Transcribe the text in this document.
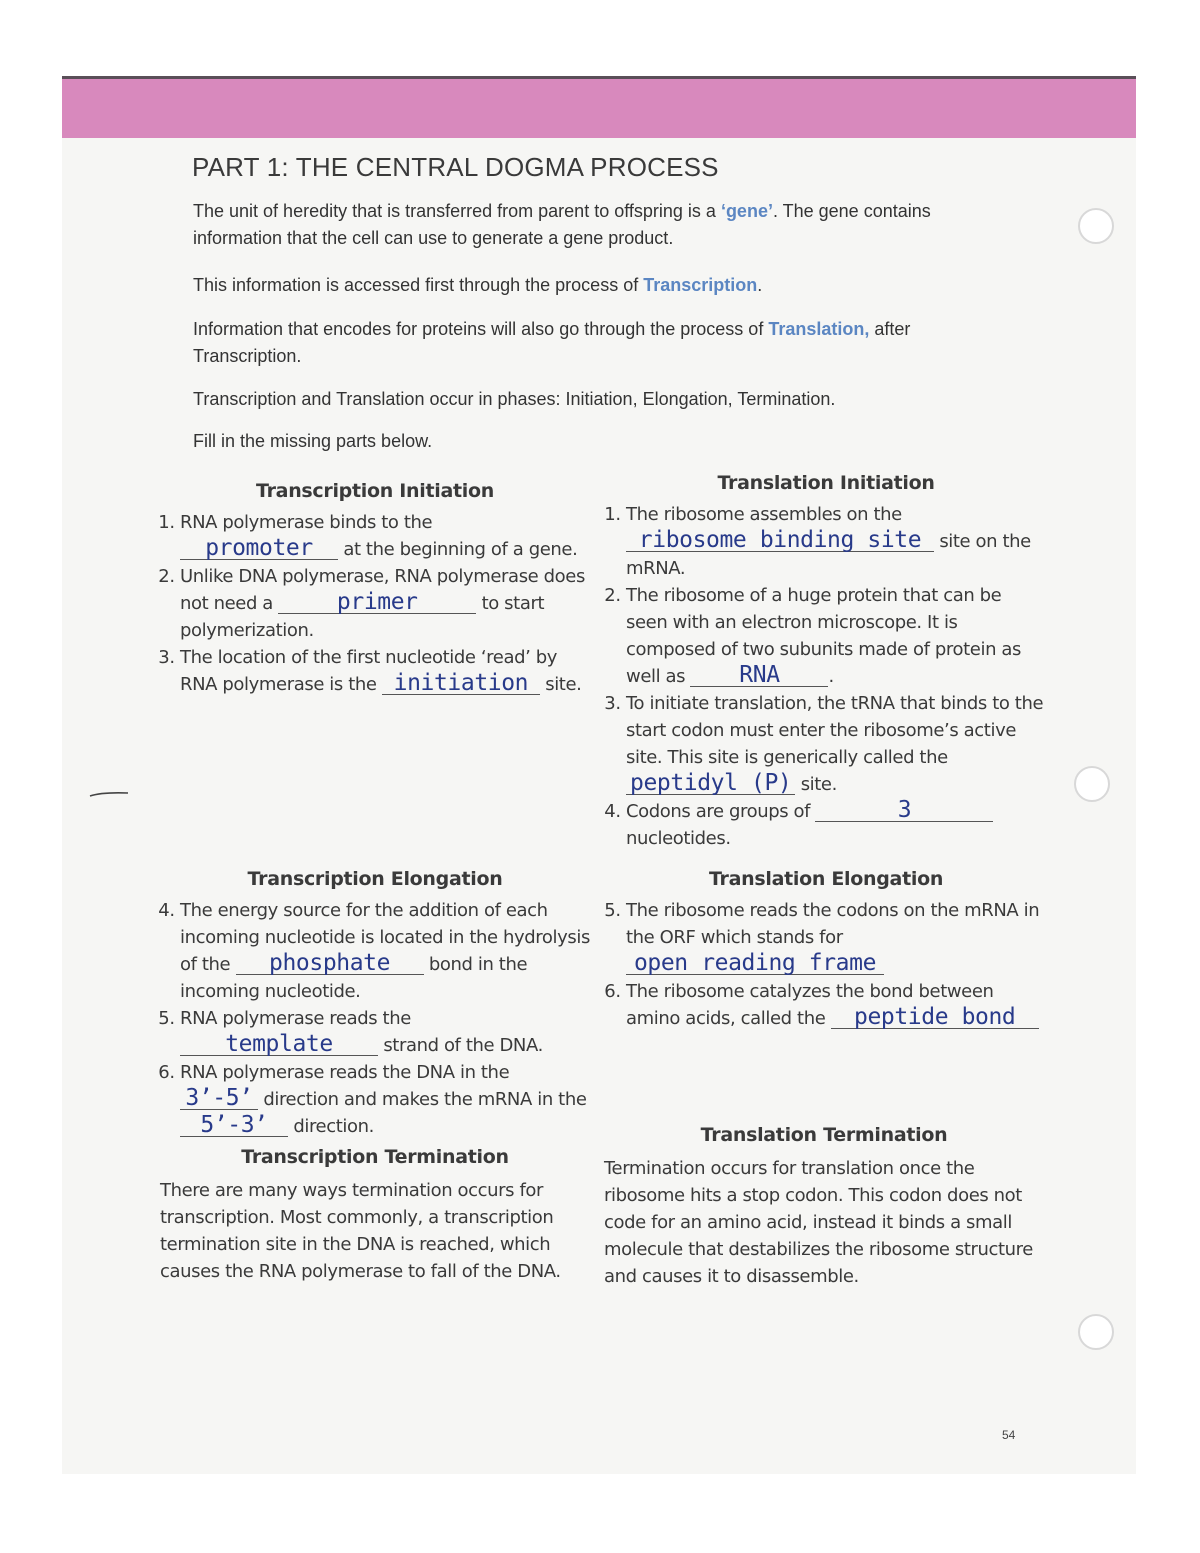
PART 1: THE CENTRAL DOGMA PROCESS

The unit of heredity that is transferred from parent to offspring is a ‘gene’. The gene contains information that the cell can use to generate a gene product.

This information is accessed first through the process of Transcription.

Information that encodes for proteins will also go through the process of Translation, after Transcription.

Transcription and Translation occur in phases: Initiation, Elongation, Termination.

Fill in the missing parts below.

Transcription Initiation
1. RNA polymerase binds to the promoter at the beginning of a gene.
2. Unlike DNA polymerase, RNA polymerase does not need a	primer	to start polymerization.
3. The location of the first nucleotide ‘read’ by RNA polymerase is the initiation site.
Transcription Elongation
4. The energy source for the addition of each incoming nucleotide is located in the hydrolysis of the phosphate bond in the incoming nucleotide.
5. RNA polymerase reads the template	strand of the DNA.
6. RNA polymerase reads the DNA in the 3’-5’ direction and makes the mRNA in the 5’-3’ direction.
Transcription Termination

There are many ways termination occurs for transcription. Most commonly, a transcription termination site in the DNA is reached, which causes the RNA polymerase to fall of the DNA.

Translation Initiation
1. The ribosome assembles on the ribosome binding site site on the mRNA.
2. The ribosome of a huge protein that can be seen with an electron microscope. It is composed of two subunits made of protein as well as RNA	.
3. To initiate translation, the tRNA that binds to the start codon must enter the ribosome’s active site. This site is generically called the peptidyl (P) site.
4. Codons are groups of	3 nucleotides.
Translation Elongation
5. The ribosome reads the codons on the mRNA in the ORF which stands for open reading frame
6. The ribosome catalyzes the bond between amino acids, called the peptide bond
Translation Termination

Termination occurs for translation once the ribosome hits a stop codon. This codon does not code for an amino acid, instead it binds a small molecule that destabilizes the ribosome structure and causes it to disassemble.

54
